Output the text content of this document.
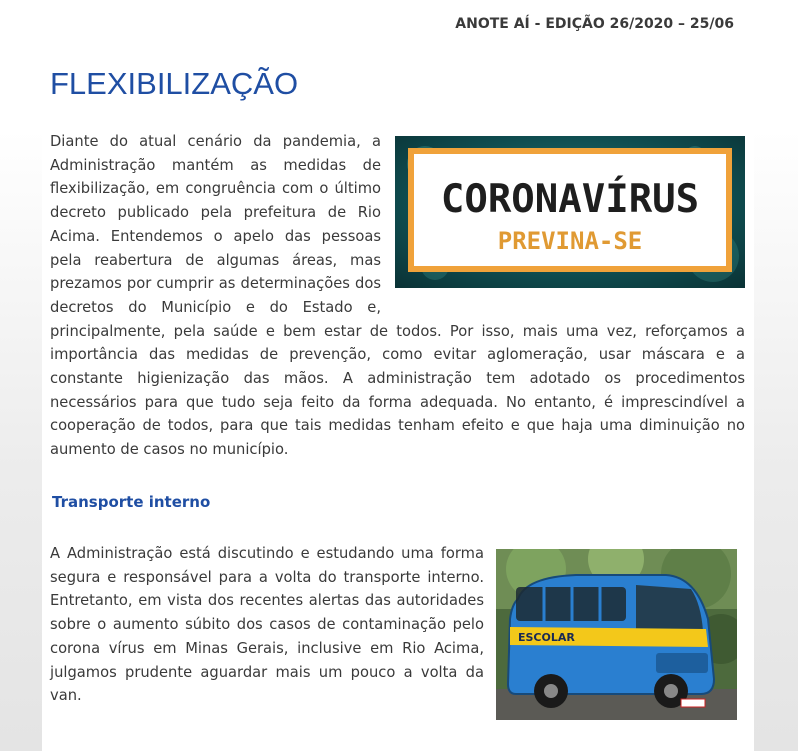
ANOTE AÍ - EDIÇÃO 26/2020 – 25/06
FLEXIBILIZAÇÃO
CORONAVÍRUS
PREVINA-SE
Diante do atual cenário da pandemia, a Administração mantém as medidas de flexibilização, em congruência com o último decreto publicado pela prefeitura de Rio Acima. Entendemos o apelo das pessoas pela reabertura de algumas áreas, mas prezamos por cumprir as determinações dos decretos do Município e do Estado e, principalmente, pela saúde e bem estar de todos. Por isso, mais uma vez, reforçamos a importância das medidas de prevenção, como evitar aglomeração, usar máscara e a constante higienização das mãos. A administração tem adotado os procedimentos necessários para que tudo seja feito da forma adequada. No entanto, é imprescindível a cooperação de todos, para que tais medidas tenham efeito e que haja uma diminuição no aumento de casos no município.
Transporte interno
ESCOLAR
A Administração está discutindo e estudando uma forma segura e responsável para a volta do transporte interno. Entretanto, em vista dos recentes alertas das autoridades sobre o aumento súbito dos casos de contaminação pelo corona vírus em Minas Gerais, inclusive em Rio Acima, julgamos prudente aguardar mais um pouco a volta da van.
